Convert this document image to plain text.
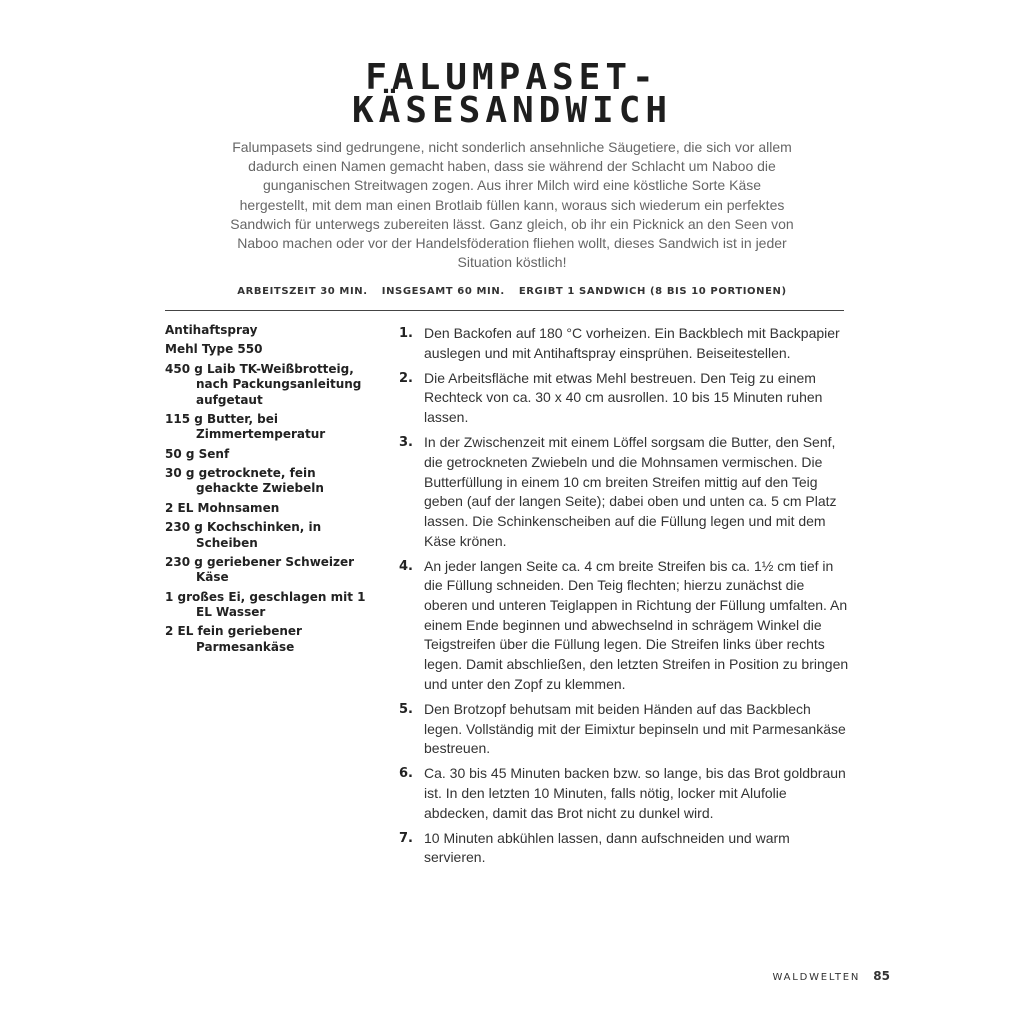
FALUMPASET-
KÄSESANDWICH

Falumpasets sind gedrungene, nicht sonderlich ansehnliche Säugetiere, die sich vor allem dadurch einen Namen gemacht haben, dass sie während der Schlacht um Naboo die gunganischen Streitwagen zogen. Aus ihrer Milch wird eine köstliche Sorte Käse hergestellt, mit dem man einen Brotlaib füllen kann, woraus sich wiederum ein perfektes Sandwich für unterwegs zubereiten lässt. Ganz gleich, ob ihr ein Picknick an den Seen von Naboo machen oder vor der Handelsföderation fliehen wollt, dieses Sandwich ist in jeder Situation köstlich!

ARBEITSZEIT 30 MIN. INSGESAMT 60 MIN. ERGIBT 1 SANDWICH (8 BIS 10 PORTIONEN)
Antihaftspray
Mehl Type 550
450 g Laib TK-Weißbrotteig, nach Packungsanleitung aufgetaut
115 g Butter, bei Zimmertemperatur
50 g Senf
30 g getrocknete, fein gehackte Zwiebeln
2 EL Mohnsamen
230 g Kochschinken, in Scheiben
230 g geriebener Schweizer Käse
1 großes Ei, geschlagen mit 1 EL Wasser
2 EL fein geriebener Parmesankäse
1. Den Backofen auf 180 °C vorheizen. Ein Backblech mit Backpapier auslegen und mit Antihaftspray einsprühen. Beiseitestellen.
2. Die Arbeitsfläche mit etwas Mehl bestreuen. Den Teig zu einem Rechteck von ca. 30 x 40 cm ausrollen. 10 bis 15 Minuten ruhen lassen.
3. In der Zwischenzeit mit einem Löffel sorgsam die Butter, den Senf, die getrockneten Zwiebeln und die Mohnsamen vermischen. Die Butterfüllung in einem 10 cm breiten Streifen mittig auf den Teig geben (auf der langen Seite); dabei oben und unten ca. 5 cm Platz lassen. Die Schinkenscheiben auf die Füllung legen und mit dem Käse krönen.
4. An jeder langen Seite ca. 4 cm breite Streifen bis ca. 1½ cm tief in die Füllung schneiden. Den Teig flechten; hierzu zunächst die oberen und unteren Teiglappen in Richtung der Füllung umfalten. An einem Ende beginnen und abwechselnd in schrägem Winkel die Teigstreifen über die Füllung legen. Die Streifen links über rechts legen. Damit abschließen, den letzten Streifen in Position zu bringen und unter den Zopf zu klemmen.
5. Den Brotzopf behutsam mit beiden Händen auf das Backblech legen. Vollständig mit der Eimixtur bepinseln und mit Parmesankäse bestreuen.
6. Ca. 30 bis 45 Minuten backen bzw. so lange, bis das Brot goldbraun ist. In den letzten 10 Minuten, falls nötig, locker mit Alufolie abdecken, damit das Brot nicht zu dunkel wird.
7. 10 Minuten abkühlen lassen, dann aufschneiden und warm servieren.
WALDWELTEN 85
